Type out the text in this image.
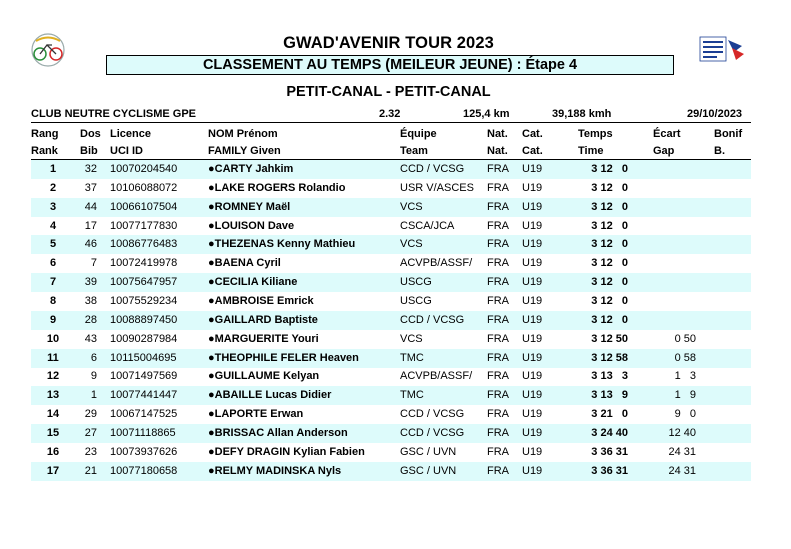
GWAD'AVENIR TOUR 2023
CLASSEMENT AU TEMPS (MEILEUR JEUNE) : Étape 4
PETIT-CANAL - PETIT-CANAL
CLUB NEUTRE CYCLISME GPE	2.32	125,4 km	39,188 kmh	29/10/2023
Rang Dos Licence	NOM Prénom	Équipe	Nat. Cat.	Temps	Écart	Bonif
Rank Bib UCI ID	FAMILY Given	Team	Nat. Cat.	Time	Gap	B.
1	32 10070204540	●CARTY Jahkim	CCD / VCSG FRA U19	3 12   0
2	37 10106088072	●LAKE ROGERS Rolandio	USR V/ASCES FRA U19	3 12   0
3	44 10066107504	●ROMNEY Maël	VCS	FRA U19	3 12   0
4	17 10077177830	●LOUISON Dave	CSCA/JCA	FRA U19	3 12   0
5	46 10086776483	●THEZENAS Kenny Mathieu	VCS	FRA U19	3 12   0
6	7 10072419978	●BAENA Cyril	ACVPB/ASSF/ FRA U19	3 12   0
7	39 10075647957	●CECILIA Kiliane	USCG	FRA U19	3 12   0
8	38 10075529234	●AMBROISE Emrick	USCG	FRA U19	3 12   0
9	28 10088897450	●GAILLARD Baptiste	CCD / VCSG FRA U19	3 12   0
10	43 10090287984	●MARGUERITE Youri	VCS	FRA U19	3 12 50	0 50
11	6 10115004695	●THEOPHILE FELER Heaven	TMC	FRA U19	3 12 58	0 58
12	9 10071497569	●GUILLAUME Kelyan	ACVPB/ASSF/ FRA U19	3 13   3	1   3
13	1 10077441447	●ABAILLE Lucas Didier	TMC	FRA U19	3 13   9	1   9
14	29 10067147525	●LAPORTE Erwan	CCD / VCSG FRA U19	3 21   0	9   0
15	27 10071118865	●BRISSAC Allan Anderson	CCD / VCSG FRA U19	3 24 40	12 40
16	23 10073937626	●DEFY DRAGIN Kylian Fabien	GSC / UVN	FRA U19	3 36 31	24 31
17	21 10077180658	●RELMY MADINSKA Nyls	GSC / UVN	FRA U19	3 36 31	24 31
